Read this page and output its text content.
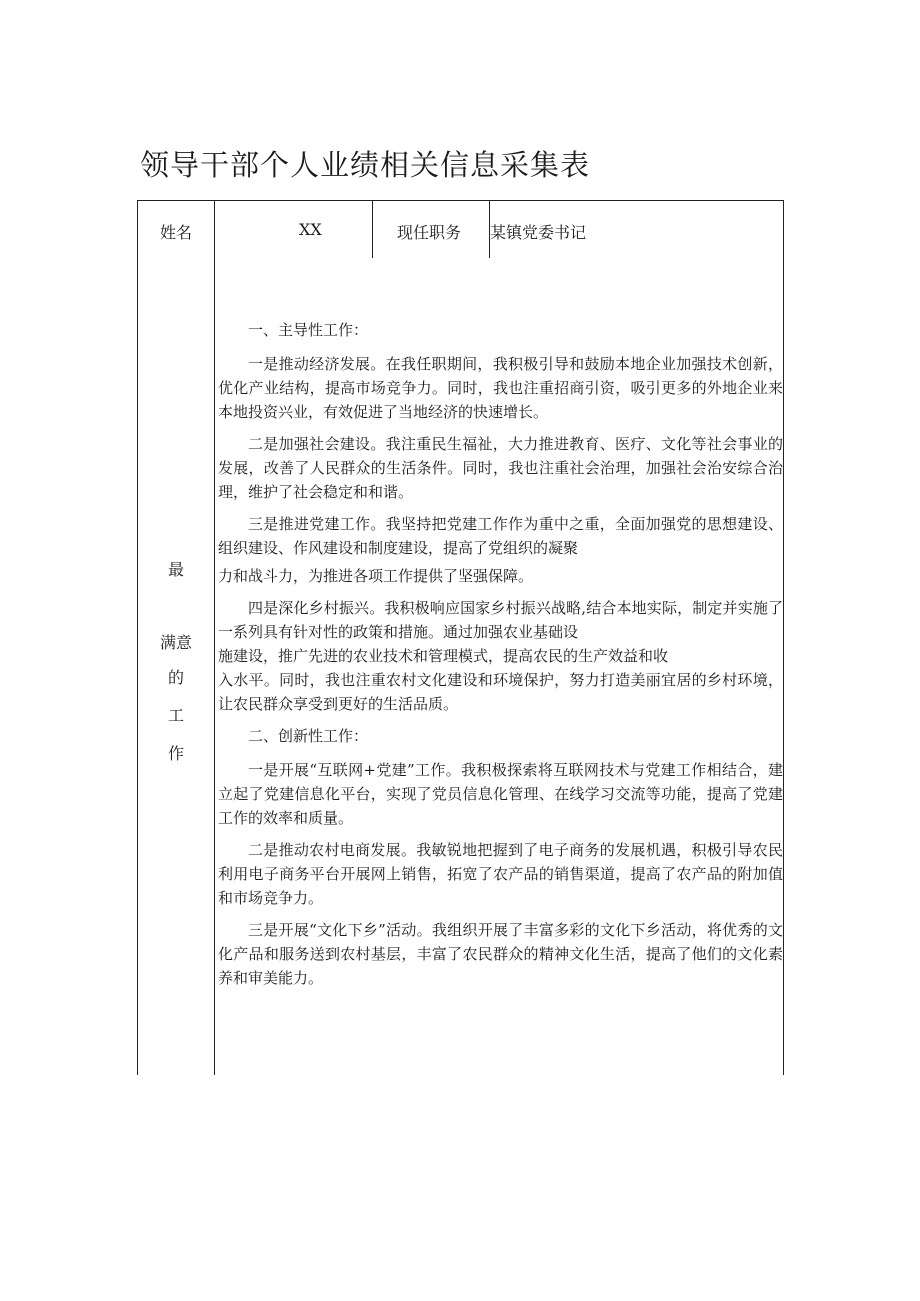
领导干部个人业绩相关信息采集表
姓名	XX	现任职务 某镇党委书记
最
满意
的
工
作

一、主导性工作：

一是推动经济发展。在我任职期间，我积极引导和鼓励本地企业加强技术创新，优化产业结构，提高市场竞争力。同时，我也注重招商引资，吸引更多的外地企业来本地投资兴业，有效促进了当地经济的快速增长。

二是加强社会建设。我注重民生福祉，大力推进教育、医疗、文化等社会事业的发展，改善了人民群众的生活条件。同时，我也注重社会治理，加强社会治安综合治理，维护了社会稳定和和谐。

三是推进党建工作。我坚持把党建工作作为重中之重，全面加强党的思想建设、组织建设、作风建设和制度建设，提高了党组织的凝聚

力和战斗力，为推进各项工作提供了坚强保障。

四是深化乡村振兴。我积极响应国家乡村振兴战略,结合本地实际，制定并实施了一系列具有针对性的政策和措施。通过加强农业基础设

施建设，推广先进的农业技术和管理模式，提高农民的生产效益和收

入水平。同时，我也注重农村文化建设和环境保护，努力打造美丽宜居的乡村环境，让农民群众享受到更好的生活品质。

二、创新性工作：

一是开展“互联网+党建”工作。我积极探索将互联网技术与党建工作相结合，建立起了党建信息化平台，实现了党员信息化管理、在线学习交流等功能，提高了党建工作的效率和质量。

二是推动农村电商发展。我敏锐地把握到了电子商务的发展机遇，积极引导农民利用电子商务平台开展网上销售，拓宽了农产品的销售渠道，提高了农产品的附加值和市场竞争力。

三是开展“文化下乡”活动。我组织开展了丰富多彩的文化下乡活动，将优秀的文化产品和服务送到农村基层，丰富了农民群众的精神文化生活，提高了他们的文化素养和审美能力。
